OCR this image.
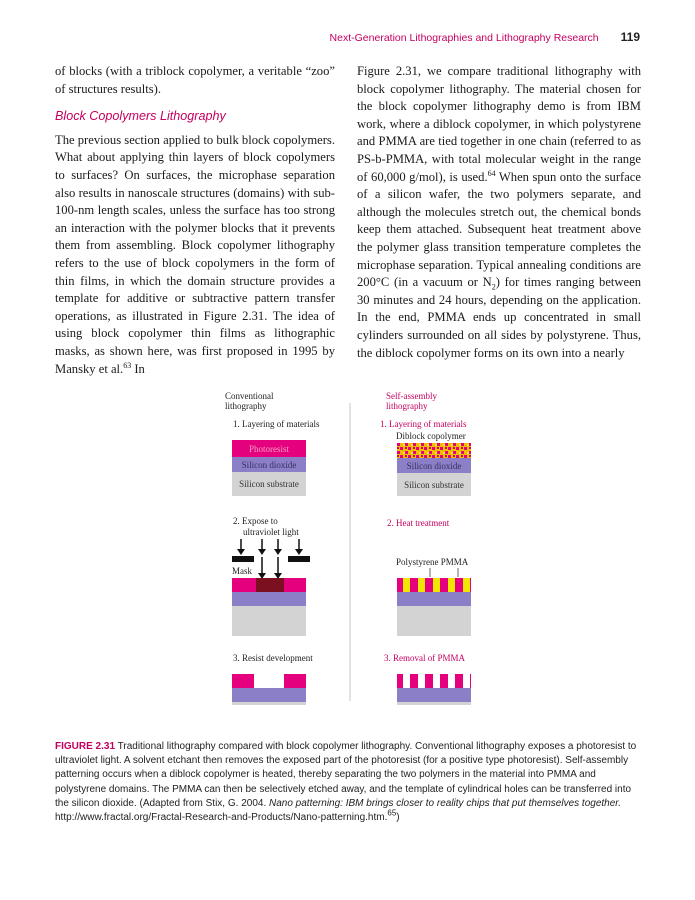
Next-Generation Lithographies and Lithography Research 119

of blocks (with a triblock copolymer, a veritable “zoo” of structures results).

Block Copolymers Lithography

The previous section applied to bulk block copolymers. What about applying thin layers of block copolymers to surfaces? On surfaces, the microphase separation also results in nanoscale structures (domains) with sub-100-nm length scales, unless the surface has too strong an interaction with the polymer blocks that it prevents them from assembling. Block copolymer lithography refers to the use of block copolymers in the form of thin films, in which the domain structure provides a template for additive or subtractive pattern transfer operations, as illustrated in Figure 2.31. The idea of using block copolymer thin films as lithographic masks, as shown here, was first proposed in 1995 by Mansky et al.$^{63}$ In

Figure 2.31, we compare traditional lithography with block copolymer lithography. The material chosen for the block copolymer lithography demo is from IBM work, where a diblock copolymer, in which polystyrene and PMMA are tied together in one chain (referred to as PS-b-PMMA, with total molecular weight in the range of 60,000 g/mol), is used.$^{64}$ When spun onto the surface of a silicon wafer, the two polymers separate, and although the molecules stretch out, the chemical bonds keep them attached. Subsequent heat treatment above the polymer glass transition temperature completes the microphase separation. Typical annealing conditions are 200°C (in a vacuum or $N_2$) for times ranging between 30 minutes and 24 hours, depending on the application. In the end, PMMA ends up concentrated in small cylinders surrounded on all sides by polystyrene. Thus, the diblock copolymer forms on its own into a nearly

Conventional
lithography
Self-assembly
lithography
1. Layering of materials
Photoresist
Silicon dioxide
Silicon substrate
1. Layering of materials
Diblock copolymer
Silicon dioxide
Silicon substrate
2. Expose to
ultraviolet light
Mask
2. Heat treatment
Polystyrene PMMA
3. Resist development	3. Removal of PMMA
FIGURE 2.31 Traditional lithography compared with block copolymer lithography. Conventional lithography exposes a photoresist to ultraviolet light. A solvent etchant then removes the exposed part of the photoresist (for a positive type photoresist). Self-assembly patterning occurs when a diblock copolymer is heated, thereby separating the two polymers in the material into PMMA and polystyrene domains. The PMMA can then be selectively etched away, and the template of cylindrical holes can be transferred into the silicon dioxide. (Adapted from Stix, G. 2004. Nano patterning: IBM brings closer to reality chips that put themselves together. http://www.fractal.org/Fractal-Research-and-Products/Nano-patterning.htm.$^{65}$)
